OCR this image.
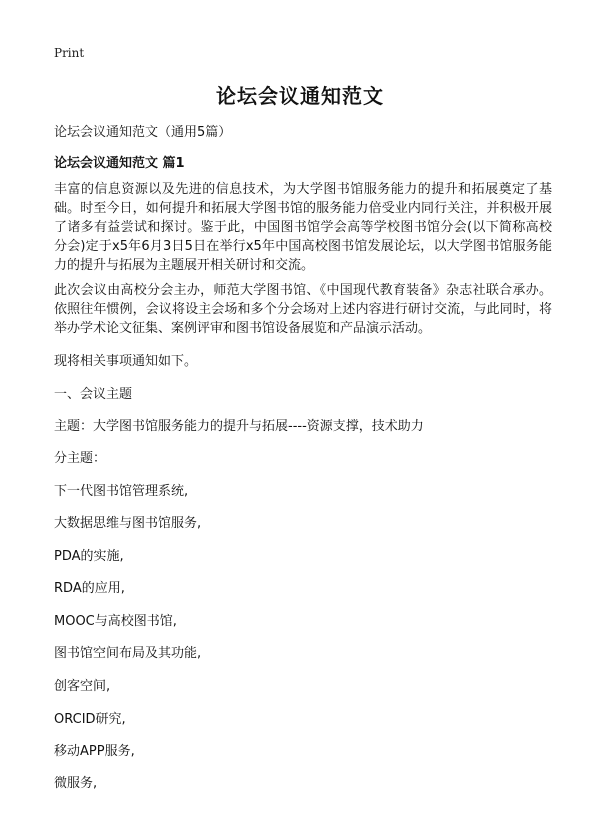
Print
论坛会议通知范文

论坛会议通知范文（通用5篇）

论坛会议通知范文 篇1

丰富的信息资源以及先进的信息技术，为大学图书馆服务能力的提升和拓展奠定了基础。时至今日，如何提升和拓展大学图书馆的服务能力倍受业内同行关注，并积极开展了诸多有益尝试和探讨。鉴于此，中国图书馆学会高等学校图书馆分会(以下简称高校分会)定于x5年6月3日5日在举行x5年中国高校图书馆发展论坛，以大学图书馆服务能力的提升与拓展为主题展开相关研讨和交流。

此次会议由高校分会主办，师范大学图书馆、《中国现代教育装备》杂志社联合承办。依照往年惯例，会议将设主会场和多个分会场对上述内容进行研讨交流，与此同时，将举办学术论文征集、案例评审和图书馆设备展览和产品演示活动。

现将相关事项通知如下。

一、会议主题

主题：大学图书馆服务能力的提升与拓展----资源支撑，技术助力

分主题：

下一代图书馆管理系统,

大数据思维与图书馆服务,

PDA的实施,

RDA的应用,

MOOC与高校图书馆,

图书馆空间布局及其功能,

创客空间,

ORCID研究,

移动APP服务,

微服务,
